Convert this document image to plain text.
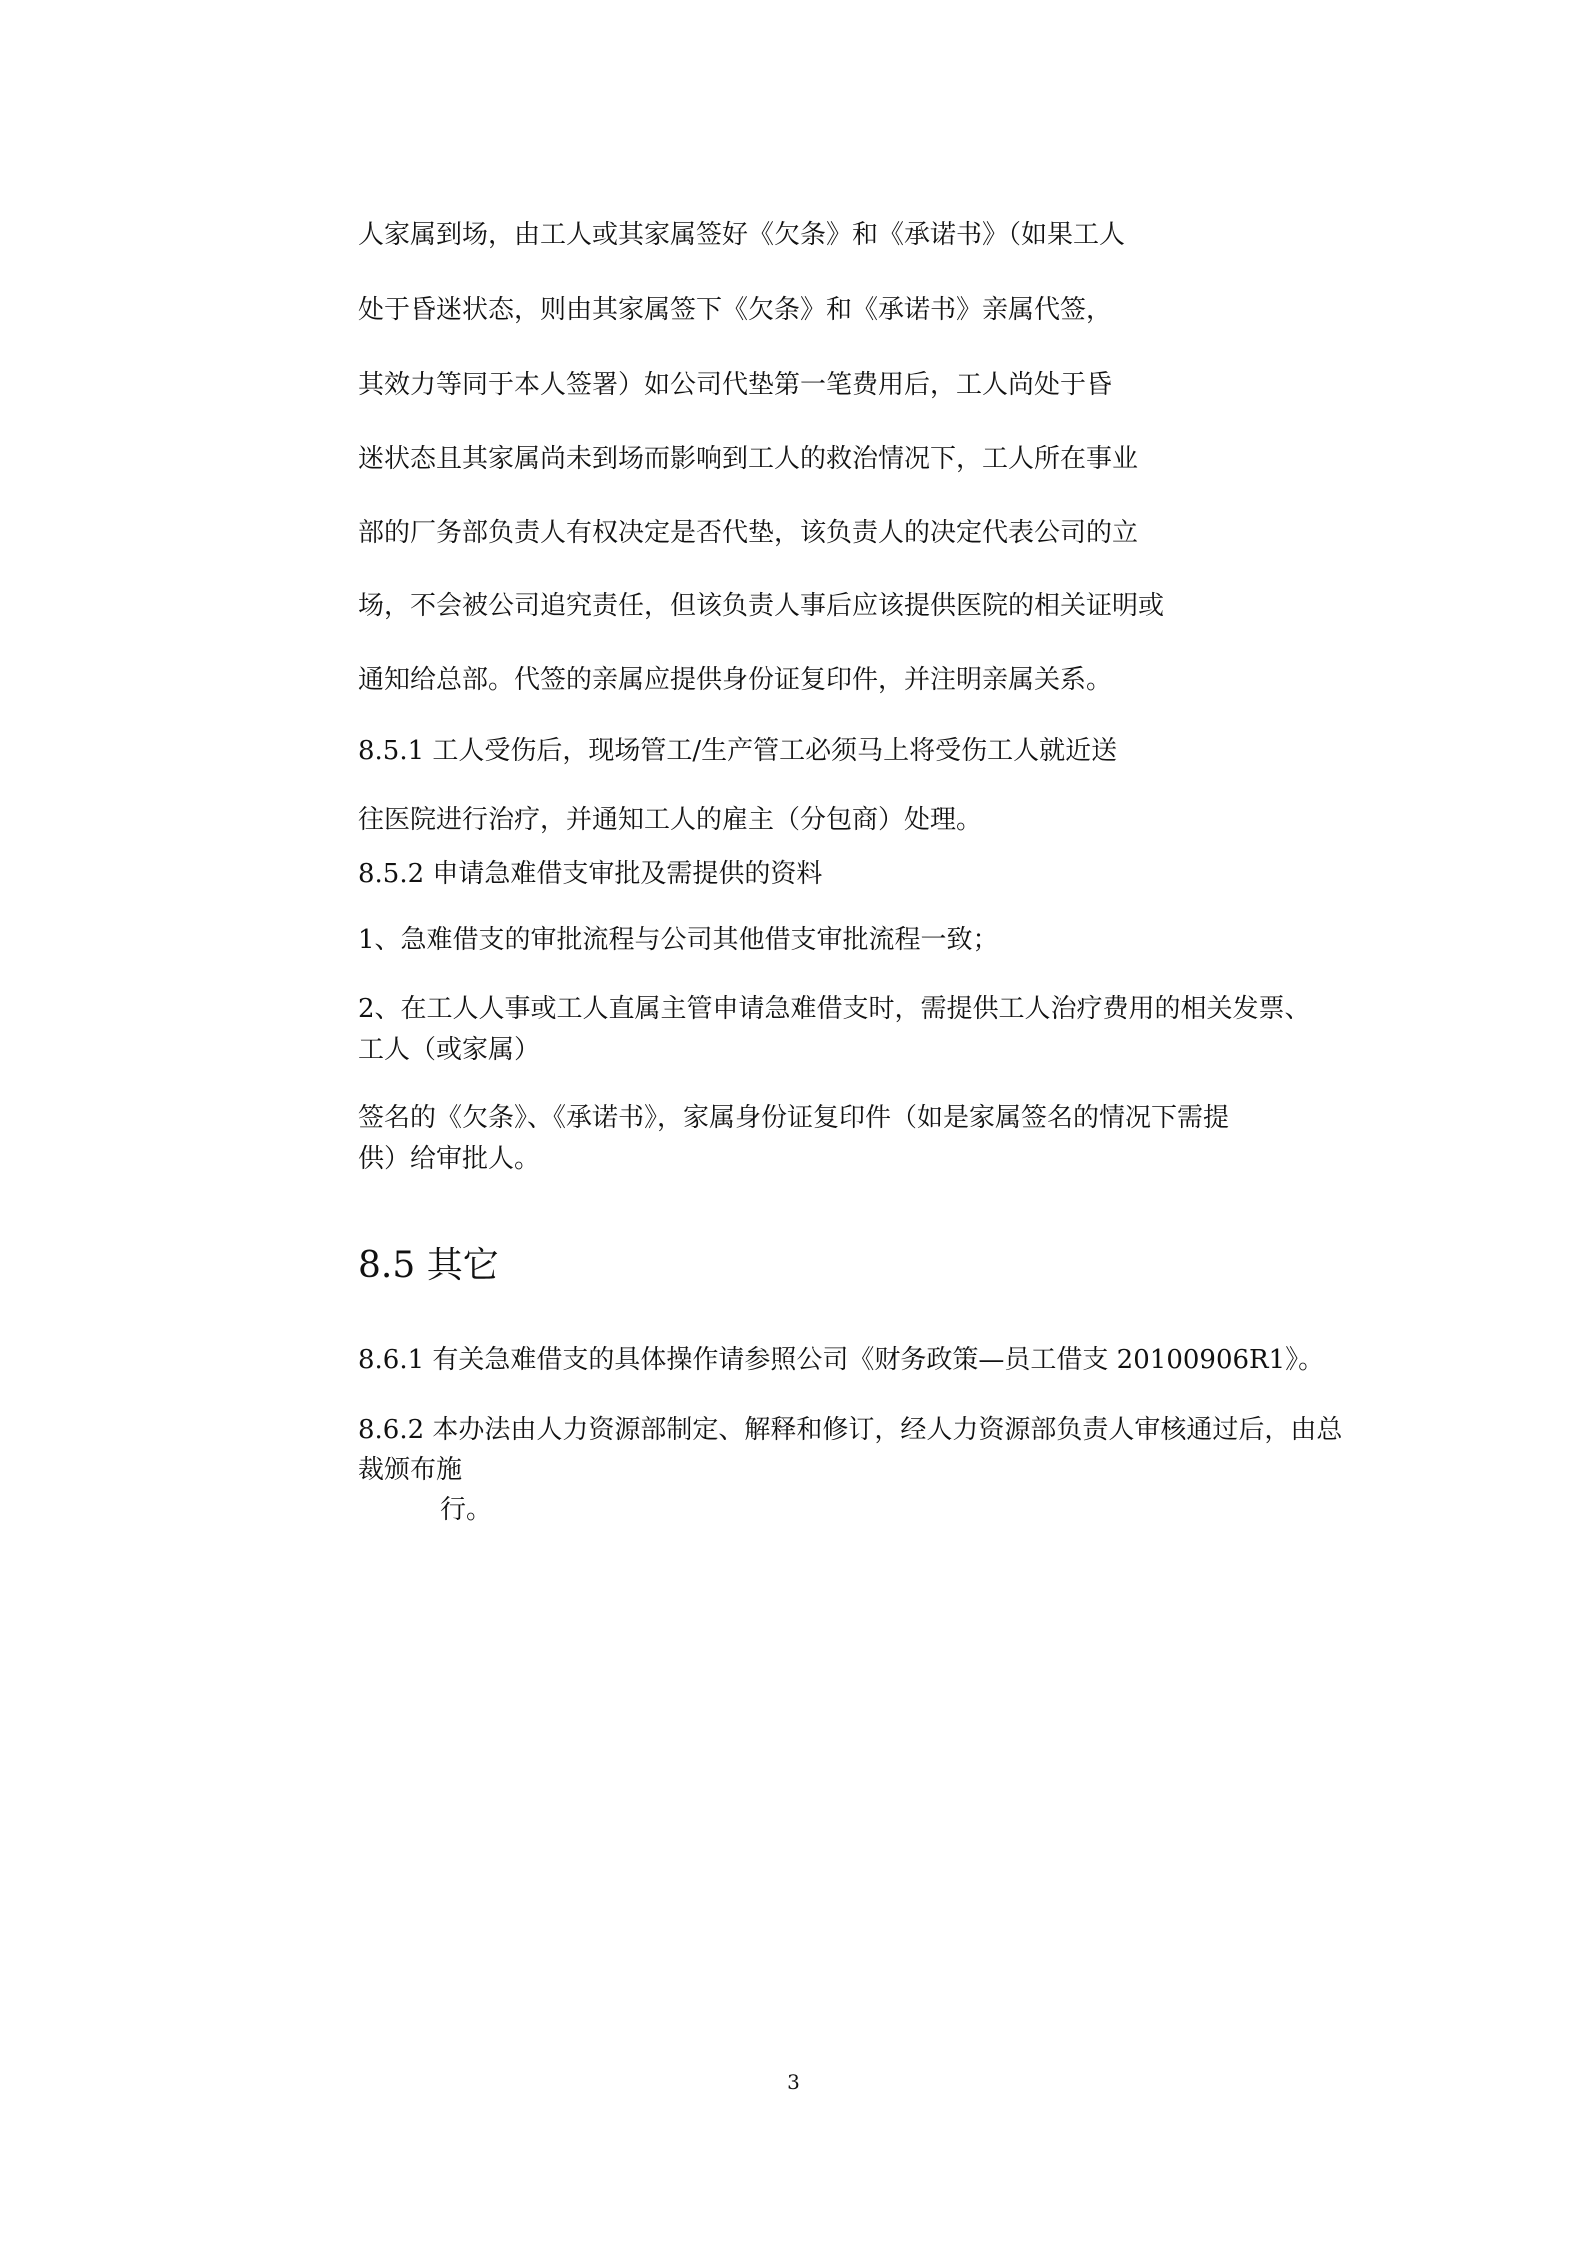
人家属到场，由工人或其家属签好《欠条》和《承诺书》（如果工人
处于昏迷状态，则由其家属签下《欠条》和《承诺书》亲属代签，
其效力等同于本人签署）如公司代垫第一笔费用后，工人尚处于昏
迷状态且其家属尚未到场而影响到工人的救治情况下，工人所在事业
部的厂务部负责人有权决定是否代垫，该负责人的决定代表公司的立
场，不会被公司追究责任，但该负责人事后应该提供医院的相关证明或
通知给总部。代签的亲属应提供身份证复印件，并注明亲属关系。
8.5.1 工人受伤后，现场管工/生产管工必须马上将受伤工人就近送
往医院进行治疗，并通知工人的雇主（分包商）处理。
8.5.2 申请急难借支审批及需提供的资料
1、急难借支的审批流程与公司其他借支审批流程一致；
2、在工人人事或工人直属主管申请急难借支时，需提供工人治疗费用的相关发票、
工人（或家属）
签名的《欠条》、《承诺书》，家属身份证复印件（如是家属签名的情况下需提
供）给审批人。
8.5 其它
8.6.1 有关急难借支的具体操作请参照公司《财务政策—员工借支 20100906R1》。
8.6.2 本办法由人力资源部制定、解释和修订，经人力资源部负责人审核通过后，由总裁颁布施
行。
3
